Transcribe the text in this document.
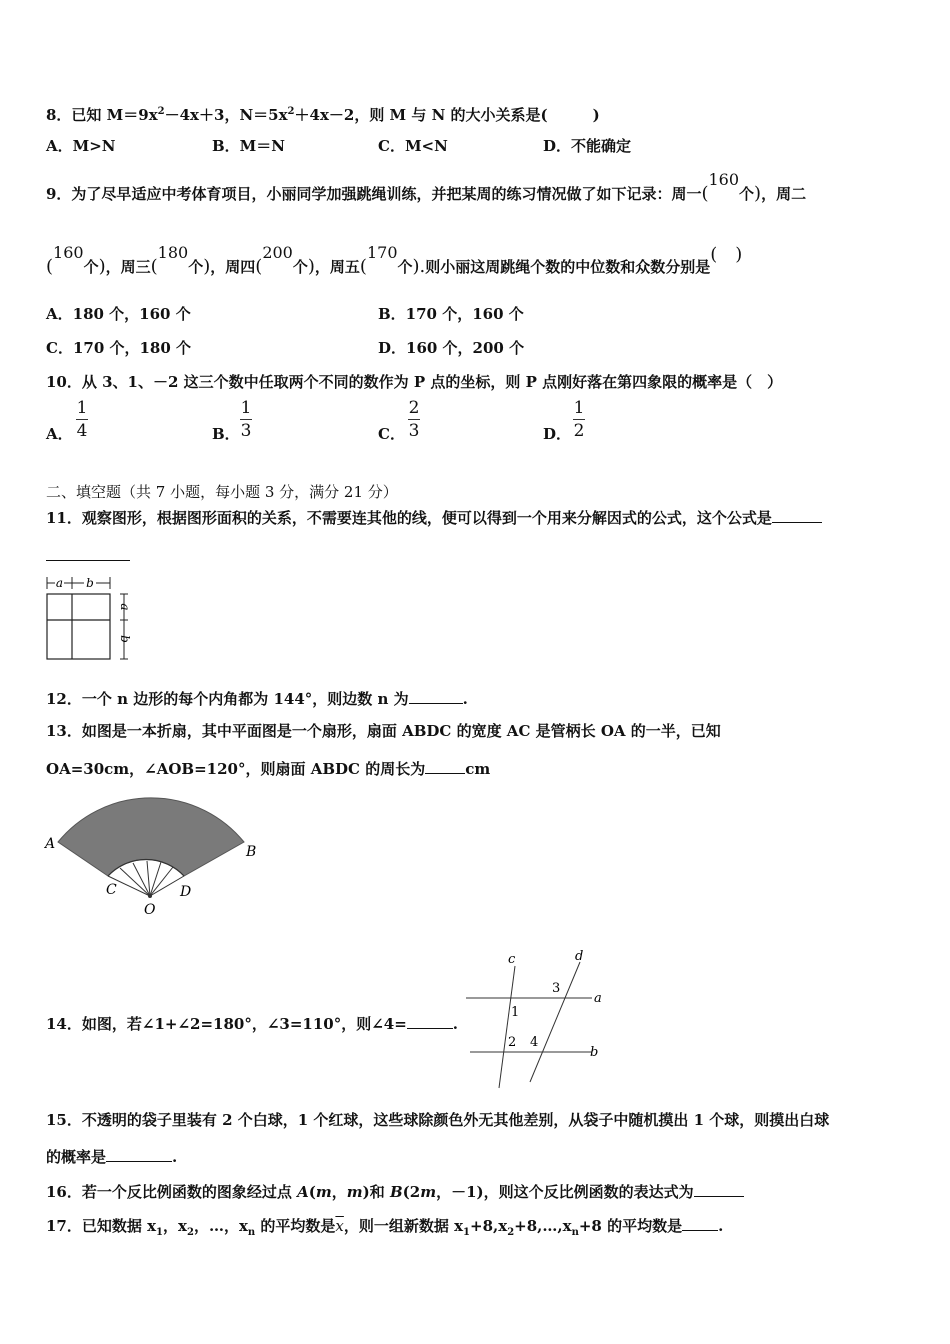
8．已知 $M=9x^2-4x+3$，$N=5x^2+4x-2$，则 M 与 N 的大小关系是(　　　)
A．M>N	B．M＝N	C．M<N	D．不能确定
9．为了尽早适应中考体育项目，小丽同学加强跳绳训练，并把某周的练习情况做了如下记录：周一(160个)，周二
(160个)，周三(180个)，周四(200个)，周五(170个).则小丽这周跳绳个数的中位数和众数分别是(　)
A．180 个，160 个	B．170 个，160 个
C．170 个，180 个	D．160 个，200 个
10．从 3、1、－2 这三个数中任取两个不同的数作为 P 点的坐标，则 P 点刚好落在第四象限的概率是（　）
A．
1
4	B．
1
3	C．
2
3	D．
1
2
二、填空题（共 7 小题，每小题 3 分，满分 21 分）
11．观察图形，根据图形面积的关系，不需要连其他的线，便可以得到一个用来分解因式的公式，这个公式是
a b
a
b
12．一个 n 边形的每个内角都为 144°，则边数 n 为	.
13．如图是一本折扇，其中平面图是一个扇形，扇面 ABDC 的宽度 AC 是管柄长 OA 的一半，已知
OA=30cm，∠AOB=120°，则扇面 ABDC 的周长为	cm
A	B
C	D
O
14．如图，若∠1+∠2=180°，∠3=110°，则∠4=	.
c	d
a
b
1
2
3
4
15．不透明的袋子里装有 2 个白球，1 个红球，这些球除颜色外无其他差别，从袋子中随机摸出 1 个球，则摸出白球
的概率是	.
16．若一个反比例函数的图象经过点 A(m，m)和 B(2m，－1)，则这个反比例函数的表达式为
17．已知数据 $x_1$，$x_2$，…，$x_n$ 的平均数是$\overline{x}$，则一组新数据 $x_1+8,x_2+8,\dots,x_n+8$ 的平均数是 .
